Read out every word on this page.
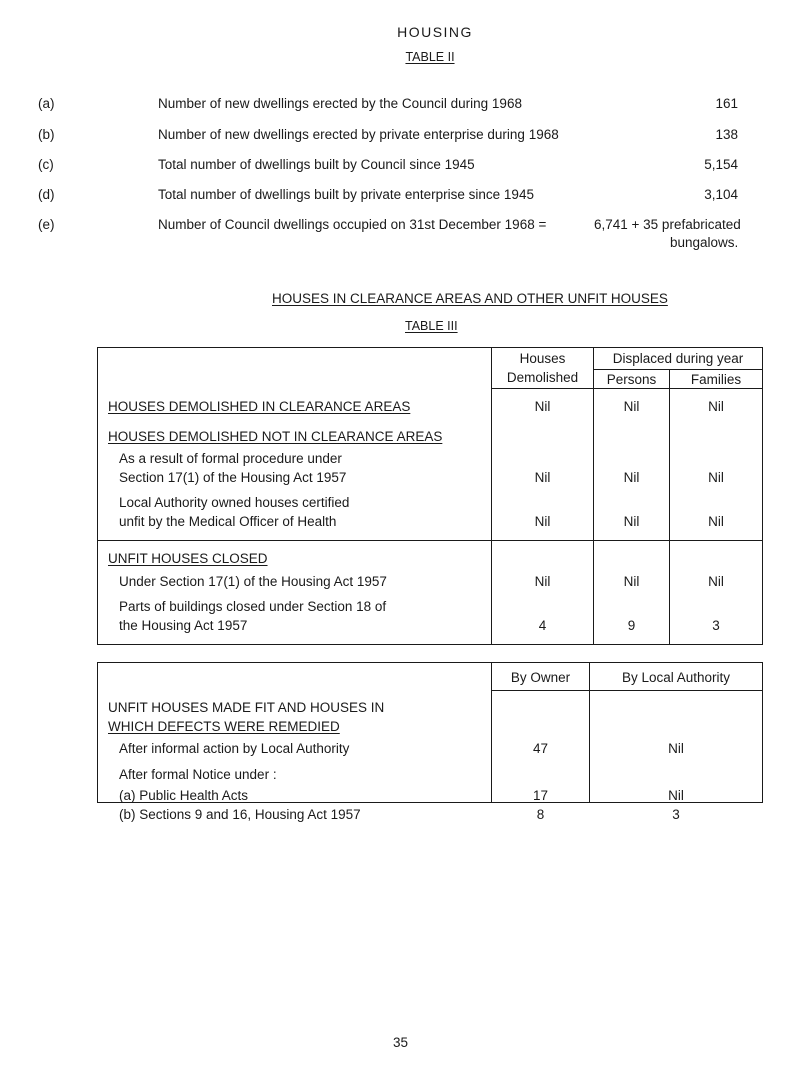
HOUSING
TABLE II
(a)	Number of new dwellings erected by the Council during 1968	161
(b)	Number of new dwellings erected by private enterprise during 1968	138
(c)	Total number of dwellings built by Council since 1945	5,154
(d)	Total number of dwellings built by private enterprise since 1945	3,104
(e)	Number of Council dwellings occupied on 31st December 1968 =	6,741 + 35 prefabricated
bungalows.
HOUSES IN CLEARANCE AREAS AND OTHER UNFIT HOUSES
TABLE III
Houses
Demolished
Displaced during year
Persons	Families
HOUSES DEMOLISHED IN CLEARANCE AREAS	Nil	Nil	Nil
HOUSES DEMOLISHED NOT IN CLEARANCE AREAS
As a result of formal procedure under
Section 17(1) of the Housing Act 1957	Nil	Nil	Nil
Local Authority owned houses certified
unfit by the Medical Officer of Health	Nil	Nil	Nil
UNFIT HOUSES CLOSED
Under Section 17(1) of the Housing Act 1957	Nil	Nil	Nil
Parts of buildings closed under Section 18 of
the Housing Act 1957	4	9	3
By Owner	By Local Authority
UNFIT HOUSES MADE FIT AND HOUSES IN
WHICH DEFECTS WERE REMEDIED
After informal action by Local Authority	47	Nil
After formal Notice under :
(a) Public Health Acts	17	Nil
(b) Sections 9 and 16, Housing Act 1957	8	3
35
